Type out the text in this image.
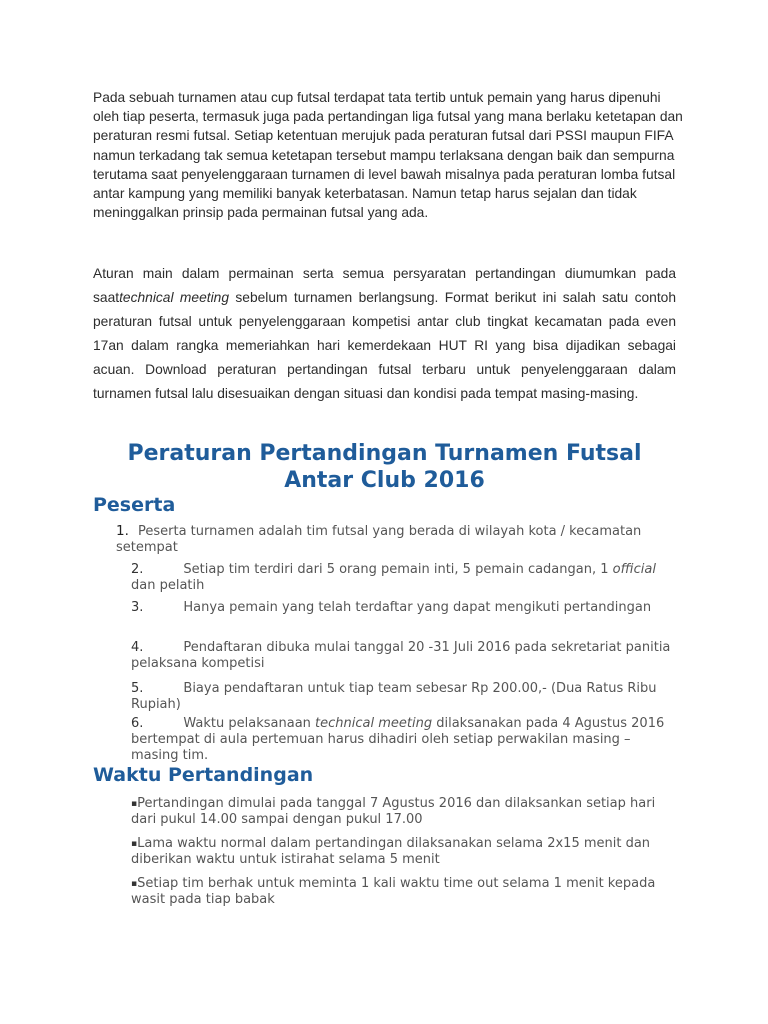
Pada sebuah turnamen atau cup futsal terdapat tata tertib untuk pemain yang harus dipenuhi oleh tiap peserta, termasuk juga pada pertandingan liga futsal yang mana berlaku ketetapan dan peraturan resmi futsal. Setiap ketentuan merujuk pada peraturan futsal dari PSSI maupun FIFA namun terkadang tak semua ketetapan tersebut mampu terlaksana dengan baik dan sempurna terutama saat penyelenggaraan turnamen di level bawah misalnya pada peraturan lomba futsal antar kampung yang memiliki banyak keterbatasan. Namun tetap harus sejalan dan tidak meninggalkan prinsip pada permainan futsal yang ada.

Aturan main dalam permainan serta semua persyaratan pertandingan diumumkan pada saattechnical meeting sebelum turnamen berlangsung. Format berikut ini salah satu contoh peraturan futsal untuk penyelenggaraan kompetisi antar club tingkat kecamatan pada even 17an dalam rangka memeriahkan hari kemerdekaan HUT RI yang bisa dijadikan sebagai acuan. Download peraturan pertandingan futsal terbaru untuk penyelenggaraan dalam turnamen futsal lalu disesuaikan dengan situasi dan kondisi pada tempat masing-masing.

Peraturan Pertandingan Turnamen Futsal Antar Club 2016
Peserta
1. Peserta turnamen adalah tim futsal yang berada di wilayah kota / kecamatan setempat
2.	Setiap tim terdiri dari 5 orang pemain inti, 5 pemain cadangan, 1 official dan pelatih
3.	Hanya pemain yang telah terdaftar yang dapat mengikuti pertandingan
4.	Pendaftaran dibuka mulai tanggal 20 -31 Juli 2016 pada sekretariat panitia pelaksana kompetisi
5.	Biaya pendaftaran untuk tiap team sebesar Rp 200.00,- (Dua Ratus Ribu Rupiah)
6.	Waktu pelaksanaan technical meeting dilaksanakan pada 4 Agustus 2016 bertempat di aula pertemuan harus dihadiri oleh setiap perwakilan masing – masing tim.
Waktu Pertandingan
▪Pertandingan dimulai pada tanggal 7 Agustus 2016 dan dilaksankan setiap hari dari pukul 14.00 sampai dengan pukul 17.00
▪Lama waktu normal dalam pertandingan dilaksanakan selama 2x15 menit dan diberikan waktu untuk istirahat selama 5 menit
▪Setiap tim berhak untuk meminta 1 kali waktu time out selama 1 menit kepada wasit pada tiap babak
